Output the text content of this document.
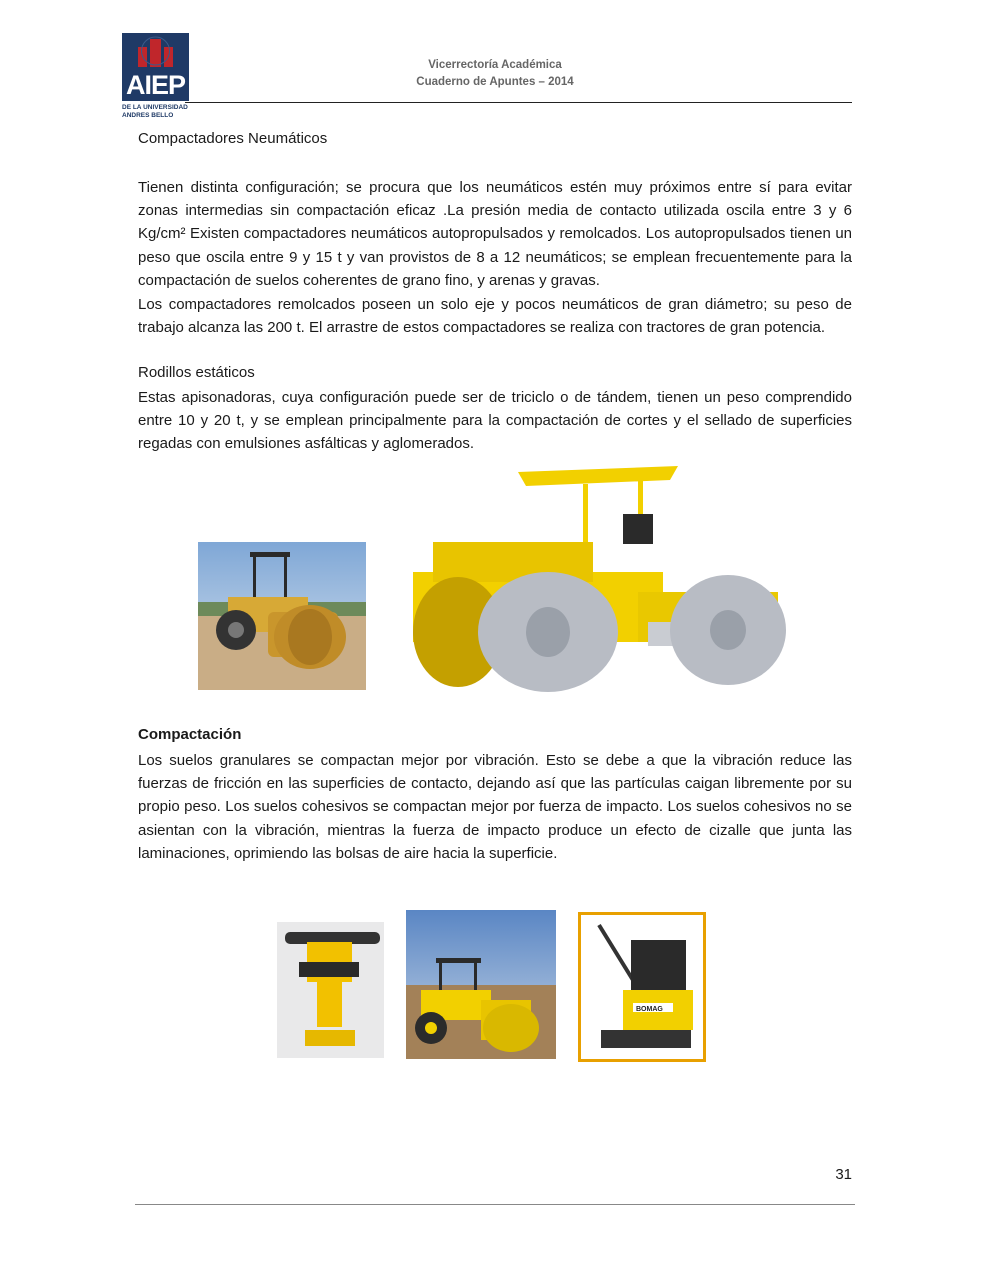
AIEP
DE LA UNIVERSIDAD
ANDRES BELLO
Vicerrectoría Académica
Cuaderno de Apuntes – 2014
Compactadores Neumáticos
Tienen distinta configuración; se procura que los neumáticos estén muy próximos entre sí para evitar zonas intermedias sin compactación eficaz .La presión media de contacto utilizada oscila entre 3 y 6 Kg/cm² Existen compactadores neumáticos autopropulsados y remolcados. Los autopropulsados tienen un peso que oscila entre 9 y 15 t y van provistos de 8 a 12 neumáticos; se emplean frecuentemente para la compactación de suelos coherentes de grano fino, y arenas y gravas.
Los compactadores remolcados poseen un solo eje y pocos neumáticos de gran diámetro; su peso de trabajo alcanza las 200 t. El arrastre de estos compactadores se realiza con tractores de gran potencia.
Rodillos estáticos
Estas apisonadoras, cuya configuración puede ser de triciclo o de tándem, tienen un peso comprendido entre 10 y 20 t, y se emplean principalmente para la compactación de cortes y el sellado de superficies regadas con emulsiones asfálticas y aglomerados.
Compactación
Los suelos granulares se compactan mejor por vibración. Esto se debe a que la vibración reduce las fuerzas de fricción en las superficies de contacto, dejando así que las partículas caigan libremente por su propio peso. Los suelos cohesivos se compactan mejor por fuerza de impacto. Los suelos cohesivos no se asientan con la vibración, mientras la fuerza de impacto produce un efecto de cizalle que junta las laminaciones, oprimiendo las bolsas de aire hacia la superficie.
BOMAG
31
